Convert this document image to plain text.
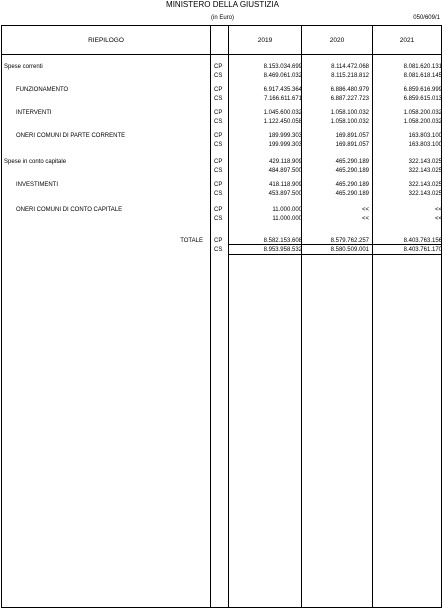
MINISTERO DELLA GIUSTIZIA
(in Euro)	050/609/1
RIEPILOGO	2019	2020	2021
Spese correnti	CP	8.153.034.699	8.114.472.068	8.081.620.131
CS	8.469.061.032	8.115.218.812	8.081.618.145
FUNZIONAMENTO	CP	6.917.435.364	6.886.480.979	6.859.616.999
CS	7.166.611.671	6.887.227.723	6.859.615.013
INTERVENTI	CP	1.045.600.032	1.058.100.032	1.058.200.032
CS	1.122.450.058	1.058.100.032	1.058.200.032
ONERI COMUNI DI PARTE CORRENTE	CP	189.999.303	169.891.057	163.803.100
CS	199.999.303	169.891.057	163.803.100
Spese in conto capitale	CP	429.118.909	465.290.189	322.143.025
CS	484.897.500	465.290.189	322.143.025
INVESTIMENTI	CP	418.118.909	465.290.189	322.143.025
CS	453.897.500	465.290.189	322.143.025
ONERI COMUNI DI CONTO CAPITALE	CP	11.000.000	<<	<<
CS	11.000.000	<<	<<
TOTALE CP	8.582.153.608	8.579.762.257	8.403.763.156
CS	8.953.958.532	8.580.509.001	8.403.761.170
